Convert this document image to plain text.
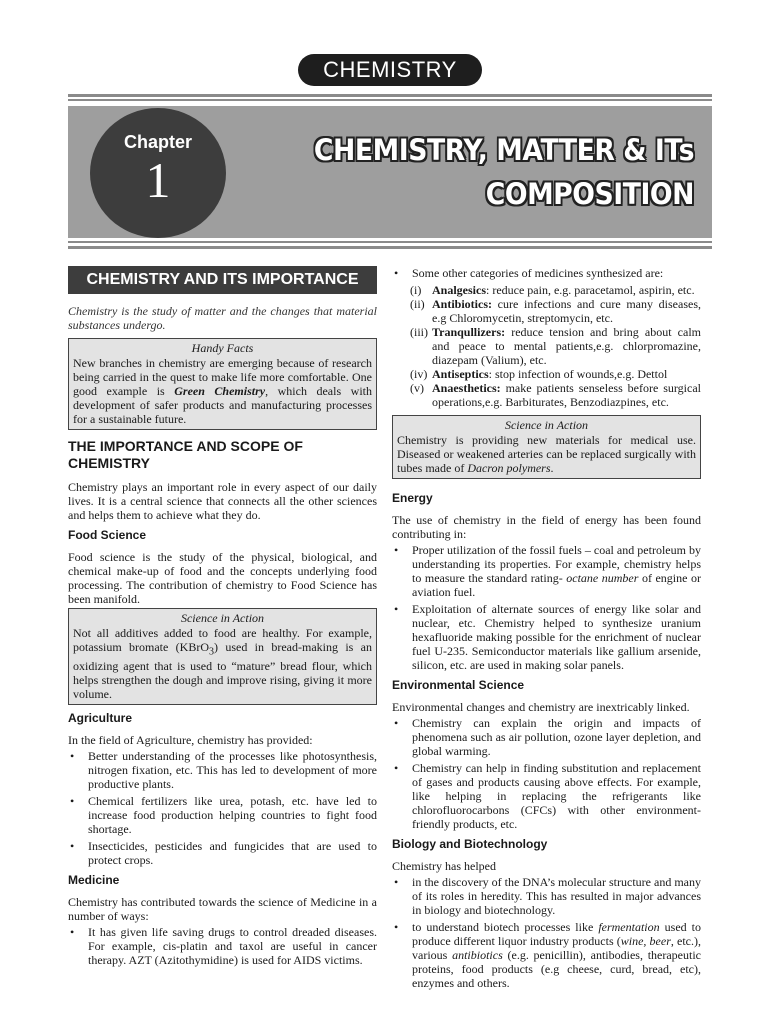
CHEMISTRY
Chapter
1
CHEMISTRY, MATTER & ITs
COMPOSITION
CHEMISTRY AND ITS IMPORTANCE

Chemistry is the study of matter and the changes that material substances undergo.

Handy Facts

New branches in chemistry are emerging because of research being carried in the quest to make life more comfortable. One good example is Green Chemistry, which deals with development of safer products and manufacturing processes for a sustainable future.

THE IMPORTANCE AND SCOPE OF CHEMISTRY

Chemistry plays an important role in every aspect of our daily lives. It is a central science that connects all the other sciences and helps them to achieve what they do.

Food Science

Food science is the study of the physical, biological, and chemical make-up of food and the concepts underlying food processing. The contribution of chemistry to Food Science has been manifold.

Science in Action

Not all additives added to food are healthy. For example, potassium bromate (KBrO$_3$) used in bread-making is an oxidizing agent that is used to “mature” bread flour, which helps strengthen the dough and improve rising, giving it more volume.

Agriculture

In the field of Agriculture, chemistry has provided:

• Better understanding of the processes like photosynthesis, nitrogen fixation, etc. This has led to development of more productive plants.
• Chemical fertilizers like urea, potash, etc. have led to increase food production helping countries to fight food shortage.
• Insecticides, pesticides and fungicides that are used to protect crops.
Medicine

Chemistry has contributed towards the science of Medicine in a number of ways:

• It has given life saving drugs to control dreaded diseases. For example, cis-platin and taxol are useful in cancer therapy. AZT (Azitothymidine) is used for AIDS victims.
• Some other categories of medicines synthesized are:
(i) Analgesics: reduce pain, e.g. paracetamol, aspirin, etc.
(ii) Antibiotics: cure infections and cure many diseases, e.g Chloromycetin, streptomycin, etc.
(iii) Tranqullizers: reduce tension and bring about calm and peace to mental patients,e.g. chlorpromazine, diazepam (Valium), etc.
(iv) Antiseptics: stop infection of wounds,e.g. Dettol
(v) Anaesthetics: make patients senseless before surgical operations,e.g. Barbiturates, Benzodiazpines, etc.
Science in Action

Chemistry is providing new materials for medical use. Diseased or weakened arteries can be replaced surgically with tubes made of Dacron polymers.

Energy

The use of chemistry in the field of energy has been found contributing in:

• Proper utilization of the fossil fuels – coal and petroleum by understanding its properties. For example, chemistry helps to measure the standard rating- octane number of engine or aviation fuel.
• Exploitation of alternate sources of energy like solar and nuclear, etc. Chemistry helped to synthesize uranium hexafluoride making possible for the enrichment of nuclear fuel U-235. Semiconductor materials like gallium arsenide, silicon, etc. are used in making solar panels.
Environmental Science

Environmental changes and chemistry are inextricably linked.

• Chemistry can explain the origin and impacts of phenomena such as air pollution, ozone layer depletion, and global warming.
• Chemistry can help in finding substitution and replacement of gases and products causing above effects. For example, like helping in replacing the refrigerants like chlorofluorocarbons (CFCs) with other environment-friendly products, etc.
Biology and Biotechnology

Chemistry has helped

• in the discovery of the DNA’s molecular structure and many of its roles in heredity. This has resulted in major advances in biology and biotechnology.
• to understand biotech processes like fermentation used to produce different liquor industry products (wine, beer, etc.), various antibiotics (e.g. penicillin), antibodies, therapeutic proteins, food products (e.g cheese, curd, bread, etc), enzymes and others.
